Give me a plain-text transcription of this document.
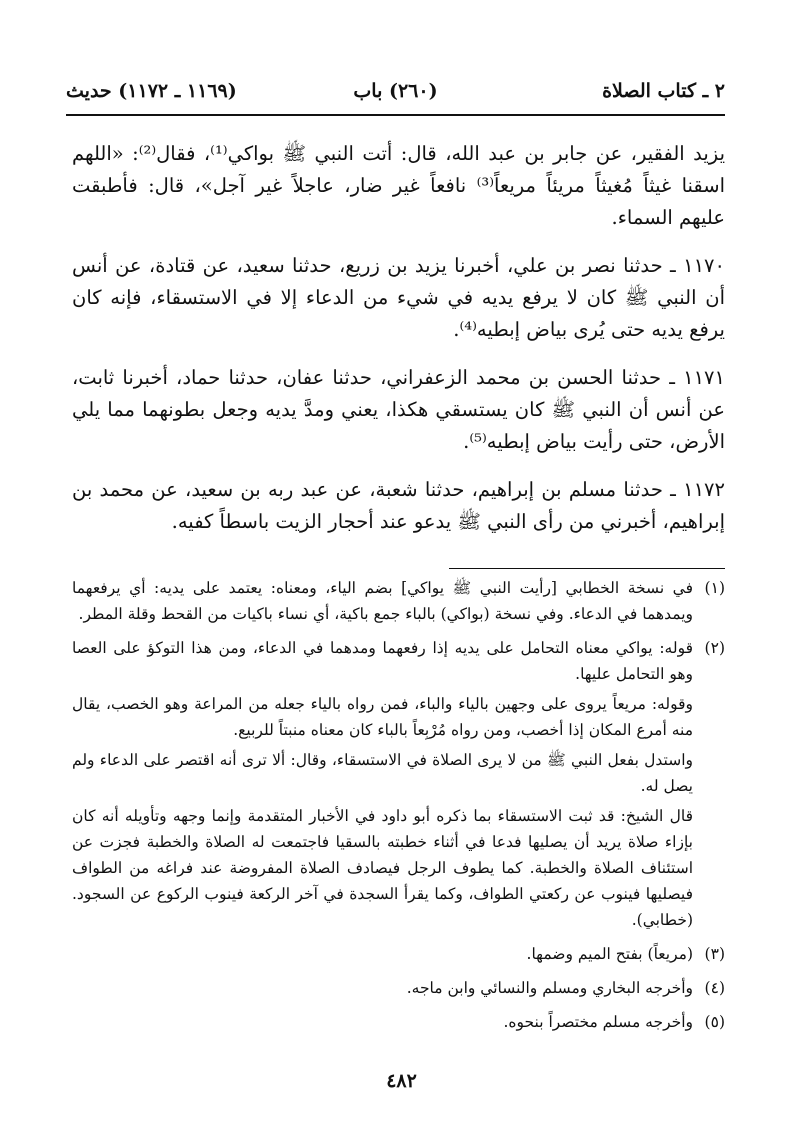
٢ ـ كتاب الصلاة
(٢٦٠) باب
(١١٦٩ ـ ١١٧٢) حديث

يزيد الفقير، عن جابر بن عبد الله، قال: أتت النبي ﷺ بواكي⁽¹⁾، فقال⁽²⁾: «اللهم اسقنا غيثاً مُغيثاً مريئاً مريعاً⁽³⁾ نافعاً غير ضار، عاجلاً غير آجل»، قال: فأطبقت عليهم السماء.

١١٧٠ ـ حدثنا نصر بن علي، أخبرنا يزيد بن زريع، حدثنا سعيد، عن قتادة، عن أنس أن النبي ﷺ كان لا يرفع يديه في شيء من الدعاء إلا في الاستسقاء، فإنه كان يرفع يديه حتى يُرى بياض إبطيه⁽⁴⁾.

١١٧١ ـ حدثنا الحسن بن محمد الزعفراني، حدثنا عفان، حدثنا حماد، أخبرنا ثابت، عن أنس أن النبي ﷺ كان يستسقي هكذا، يعني ومدَّ يديه وجعل بطونهما مما يلي الأرض، حتى رأيت بياض إبطيه⁽⁵⁾.

١١٧٢ ـ حدثنا مسلم بن إبراهيم، حدثنا شعبة، عن عبد ربه بن سعيد، عن محمد بن إبراهيم، أخبرني من رأى النبي ﷺ يدعو عند أحجار الزيت باسطاً كفيه.

(١)

في نسخة الخطابي [رأيت النبي ﷺ يواكي] بضم الياء، ومعناه: يعتمد على يديه: أي يرفعهما ويمدهما في الدعاء. وفي نسخة (بواكي) بالباء جمع باكية، أي نساء باكيات من القحط وقلة المطر.

(٢)

قوله: يواكي معناه التحامل على يديه إذا رفعهما ومدهما في الدعاء، ومن هذا التوكؤ على العصا وهو التحامل عليها.

وقوله: مريعاً يروى على وجهين بالياء والباء، فمن رواه بالياء جعله من المراعة وهو الخصب، يقال منه أمرع المكان إذا أخصب، ومن رواه مُرْبِعاً بالباء كان معناه منبتاً للربيع.

واستدل بفعل النبي ﷺ من لا يرى الصلاة في الاستسقاء، وقال: ألا ترى أنه اقتصر على الدعاء ولم يصل له.

قال الشيخ: قد ثبت الاستسقاء بما ذكره أبو داود في الأخبار المتقدمة وإنما وجهه وتأويله أنه كان بإزاء صلاة يريد أن يصليها فدعا في أثناء خطبته بالسقيا فاجتمعت له الصلاة والخطبة فجزت عن استئناف الصلاة والخطبة. كما يطوف الرجل فيصادف الصلاة المفروضة عند فراغه من الطواف فيصليها فينوب عن ركعتي الطواف، وكما يقرأ السجدة في آخر الركعة فينوب الركوع عن السجود. (خطابي).

(٣)

(مريعاً) بفتح الميم وضمها.

(٤)

وأخرجه البخاري ومسلم والنسائي وابن ماجه.

(٥)

وأخرجه مسلم مختصراً بنحوه.

٤٨٢
